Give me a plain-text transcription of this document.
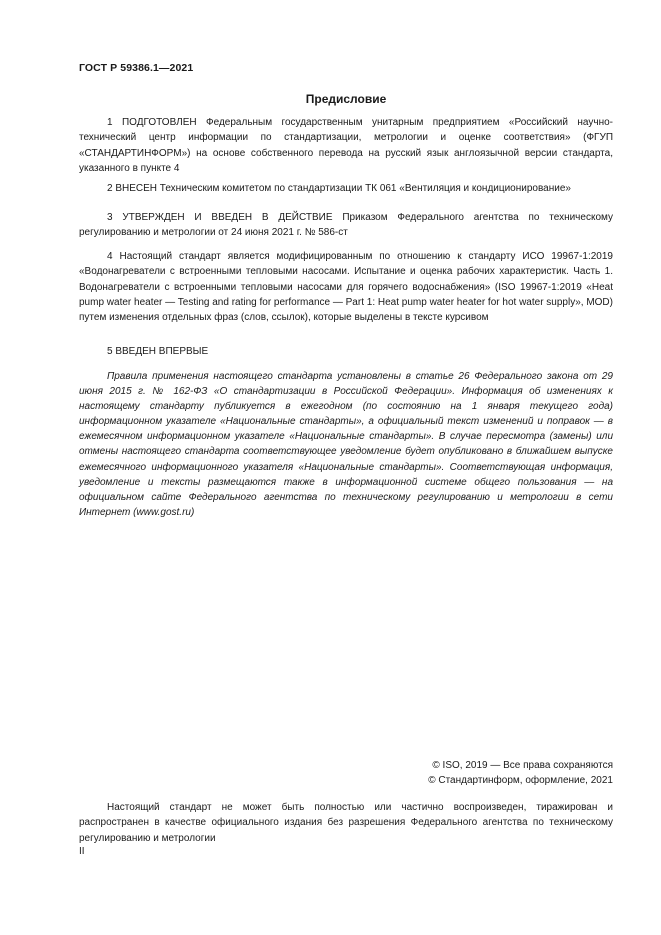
ГОСТ Р 59386.1—2021
Предисловие

1 ПОДГОТОВЛЕН Федеральным государственным унитарным предприятием «Российский научно-технический центр информации по стандартизации, метрологии и оценке соответствия» (ФГУП «СТАНДАРТИНФОРМ») на основе собственного перевода на русский язык англоязычной версии стандарта, указанного в пункте 4

2 ВНЕСЕН Техническим комитетом по стандартизации ТК 061 «Вентиляция и кондиционирование»

3 УТВЕРЖДЕН И ВВЕДЕН В ДЕЙСТВИЕ Приказом Федерального агентства по техническому регулированию и метрологии от 24 июня 2021 г. № 586-ст

4 Настоящий стандарт является модифицированным по отношению к стандарту ИСО 19967-1:2019 «Водонагреватели с встроенными тепловыми насосами. Испытание и оценка рабочих характеристик. Часть 1. Водонагреватели с встроенными тепловыми насосами для горячего водоснабжения» (ISO 19967-1:2019 «Heat pump water heater — Testing and rating for performance — Part 1: Heat pump water heater for hot water supply», MOD) путем изменения отдельных фраз (слов, ссылок), которые выделены в тексте курсивом

5 ВВЕДЕН ВПЕРВЫЕ

Правила применения настоящего стандарта установлены в статье 26 Федерального закона от 29 июня 2015 г. № 162-ФЗ «О стандартизации в Российской Федерации». Информация об изменениях к настоящему стандарту публикуется в ежегодном (по состоянию на 1 января текущего года) информационном указателе «Национальные стандарты», а официальный текст изменений и поправок — в ежемесячном информационном указателе «Национальные стандарты». В случае пересмотра (замены) или отмены настоящего стандарта соответствующее уведомление будет опубликовано в ближайшем выпуске ежемесячного информационного указателя «Национальные стандарты». Соответствующая информация, уведомление и тексты размещаются также в информационной системе общего пользования — на официальном сайте Федерального агентства по техническому регулированию и метрологии в сети Интернет (www.gost.ru)

© ISO, 2019 — Все права сохраняются

© Стандартинформ, оформление, 2021

Настоящий стандарт не может быть полностью или частично воспроизведен, тиражирован и распространен в качестве официального издания без разрешения Федерального агентства по техническому регулированию и метрологии

II
